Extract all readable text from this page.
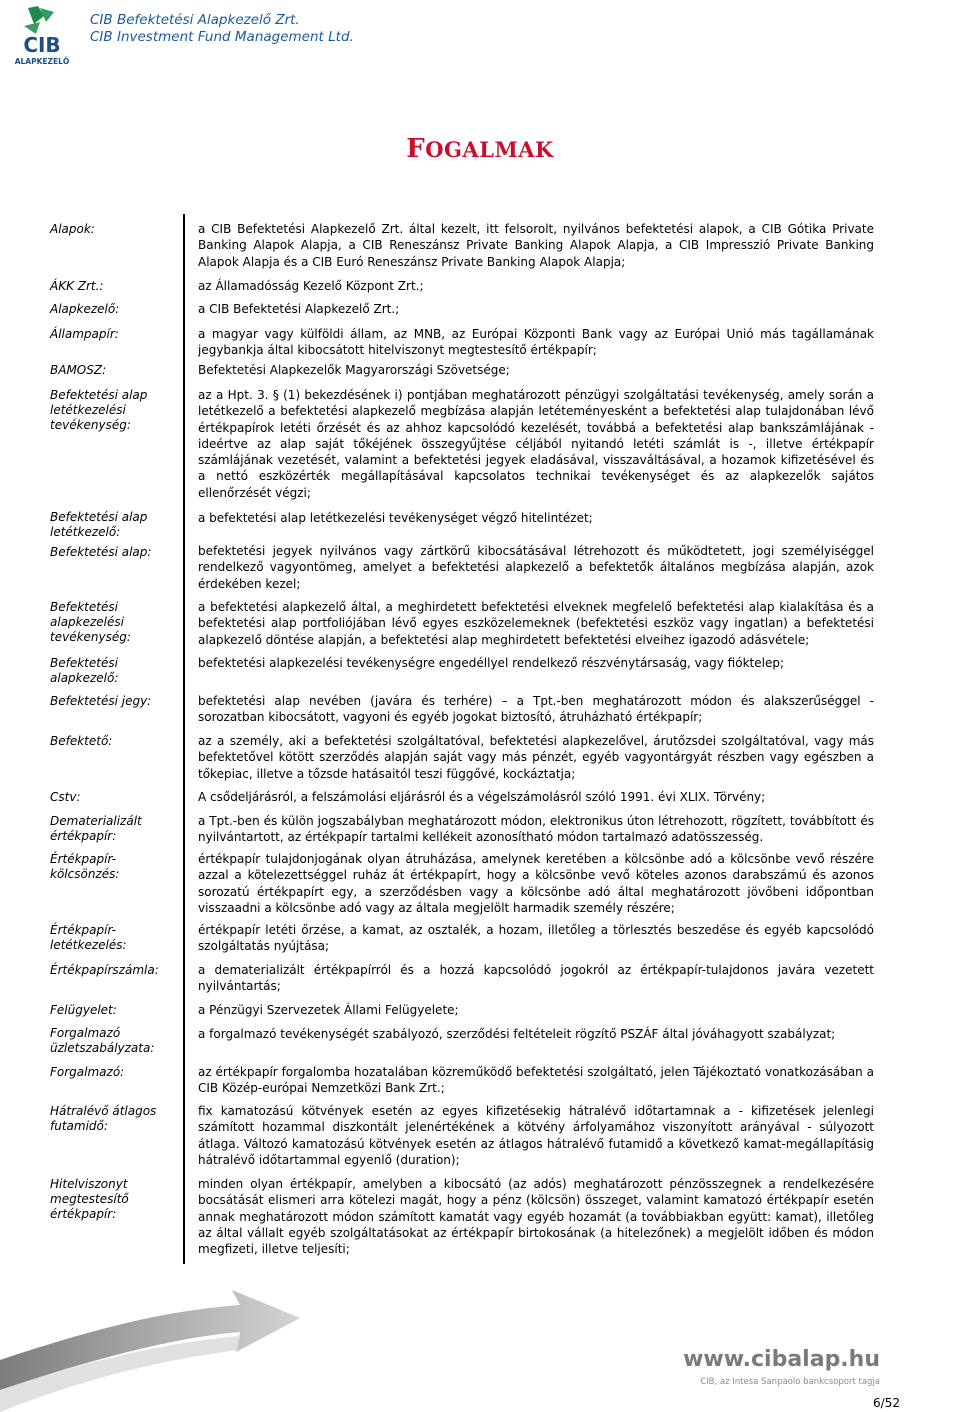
CIB
ALAPKEZELŐ
CIB Befektetési Alapkezelő Zrt.
CIB Investment Fund Management Ltd.
FOGALMAK
Alapok:
ÁKK Zrt.:
Alapkezelő:
Állampapír:
BAMOSZ:
Befektetési alap letétkezelési tevékenység:
Befektetési alap letétkezelő:
Befektetési alap:
Befektetési alapkezelési tevékenység:
Befektetési alapkezelő:
Befektetési jegy:
Befektető:
Cstv:
Dematerializált értékpapír:
Értékpapír-kölcsönzés:
Értékpapír-letétkezelés:
Értékpapírszámla:
Felügyelet:
Forgalmazó üzletszabályzata:
Forgalmazó:
Hátralévő átlagos futamidő:
Hitelviszonyt megtestesítő értékpapír:
a CIB Befektetési Alapkezelő Zrt. által kezelt, itt felsorolt, nyilvános befektetési alapok, a CIB Gótika Private Banking Alapok Alapja, a CIB Reneszánsz Private Banking Alapok Alapja, a CIB Impresszió Private Banking Alapok Alapja és a CIB Euró Reneszánsz Private Banking Alapok Alapja;
az Államadósság Kezelő Központ Zrt.;
a CIB Befektetési Alapkezelő Zrt.;
a magyar vagy külföldi állam, az MNB, az Európai Központi Bank vagy az Európai Unió más tagállamának jegybankja által kibocsátott hitelviszonyt megtestesítő értékpapír;
Befektetési Alapkezelők Magyarországi Szövetsége;
az a Hpt. 3. § (1) bekezdésének i) pontjában meghatározott pénzügyi szolgáltatási tevékenység, amely során a letétkezelő a befektetési alapkezelő megbízása alapján letéteményesként a befektetési alap tulajdonában lévő értékpapírok letéti őrzését és az ahhoz kapcsolódó kezelését, továbbá a befektetési alap bankszámlájának - ideértve az alap saját tőkéjének összegyűjtése céljából nyitandó letéti számlát is -, illetve értékpapír számlájának vezetését, valamint a befektetési jegyek eladásával, visszaváltásával, a hozamok kifizetésével és a nettó eszközérték megállapításával kapcsolatos technikai tevékenységet és az alapkezelők sajátos ellenőrzését végzi;
a befektetési alap letétkezelési tevékenységet végző hitelintézet;
befektetési jegyek nyilvános vagy zártkörű kibocsátásával létrehozott és működtetett, jogi személyiséggel rendelkező vagyontömeg, amelyet a befektetési alapkezelő a befektetők általános megbízása alapján, azok érdekében kezel;
a befektetési alapkezelő által, a meghirdetett befektetési elveknek megfelelő befektetési alap kialakítása és a befektetési alap portfoliójában lévő egyes eszközelemeknek (befektetési eszköz vagy ingatlan) a befektetési alapkezelő döntése alapján, a befektetési alap meghirdetett befektetési elveihez igazodó adásvétele;
befektetési alapkezelési tevékenységre engedéllyel rendelkező részvénytársaság, vagy fióktelep;
befektetési alap nevében (javára és terhére) – a Tpt.-ben meghatározott módon és alakszerűséggel - sorozatban kibocsátott, vagyoni és egyéb jogokat biztosító, átruházható értékpapír;
az a személy, aki a befektetési szolgáltatóval, befektetési alapkezelővel, árutőzsdei szolgáltatóval, vagy más befektetővel kötött szerződés alapján saját vagy más pénzét, egyéb vagyontárgyát részben vagy egészben a tőkepiac, illetve a tőzsde hatásaitól teszi függővé, kockáztatja;
A csődeljárásról, a felszámolási eljárásról és a végelszámolásról szóló 1991. évi XLIX. Törvény;
a Tpt.-ben és külön jogszabályban meghatározott módon, elektronikus úton létrehozott, rögzített, továbbított és nyilvántartott, az értékpapír tartalmi kellékeit azonosítható módon tartalmazó adatösszesség.
értékpapír tulajdonjogának olyan átruházása, amelynek keretében a kölcsönbe adó a kölcsönbe vevő részére azzal a kötelezettséggel ruház át értékpapírt, hogy a kölcsönbe vevő köteles azonos darabszámú és azonos sorozatú értékpapírt egy, a szerződésben vagy a kölcsönbe adó által meghatározott jövőbeni időpontban visszaadni a kölcsönbe adó vagy az általa megjelölt harmadik személy részére;
értékpapír letéti őrzése, a kamat, az osztalék, a hozam, illetőleg a törlesztés beszedése és egyéb kapcsolódó szolgáltatás nyújtása;
a dematerializált értékpapírról és a hozzá kapcsolódó jogokról az értékpapír-tulajdonos javára vezetett nyilvántartás;
a Pénzügyi Szervezetek Állami Felügyelete;
a forgalmazó tevékenységét szabályozó, szerződési feltételeit rögzítő PSZÁF által jóváhagyott szabályzat;
az értékpapír forgalomba hozatalában közreműködő befektetési szolgáltató, jelen Tájékoztató vonatkozásában a CIB Közép-európai Nemzetközi Bank Zrt.;
fix kamatozású kötvények esetén az egyes kifizetésekig hátralévő időtartamnak a - kifizetések jelenlegi számított hozammal diszkontált jelenértékének a kötvény árfolyamához viszonyított arányával - súlyozott átlaga. Változó kamatozású kötvények esetén az átlagos hátralévő futamidő a következő kamat-megállapításig hátralévő időtartammal egyenlő (duration);
minden olyan értékpapír, amelyben a kibocsátó (az adós) meghatározott pénzösszegnek a rendelkezésére bocsátását elismeri arra kötelezi magát, hogy a pénz (kölcsön) összeget, valamint kamatozó értékpapír esetén annak meghatározott módon számított kamatát vagy egyéb hozamát (a továbbiakban együtt: kamat), illetőleg az által vállalt egyéb szolgáltatásokat az értékpapír birtokosának (a hitelezőnek) a megjelölt időben és módon megfizeti, illetve teljesíti;
www.cibalap.hu
CIB, az Intesa Sanpaolo bankcsoport tagja
6/52
